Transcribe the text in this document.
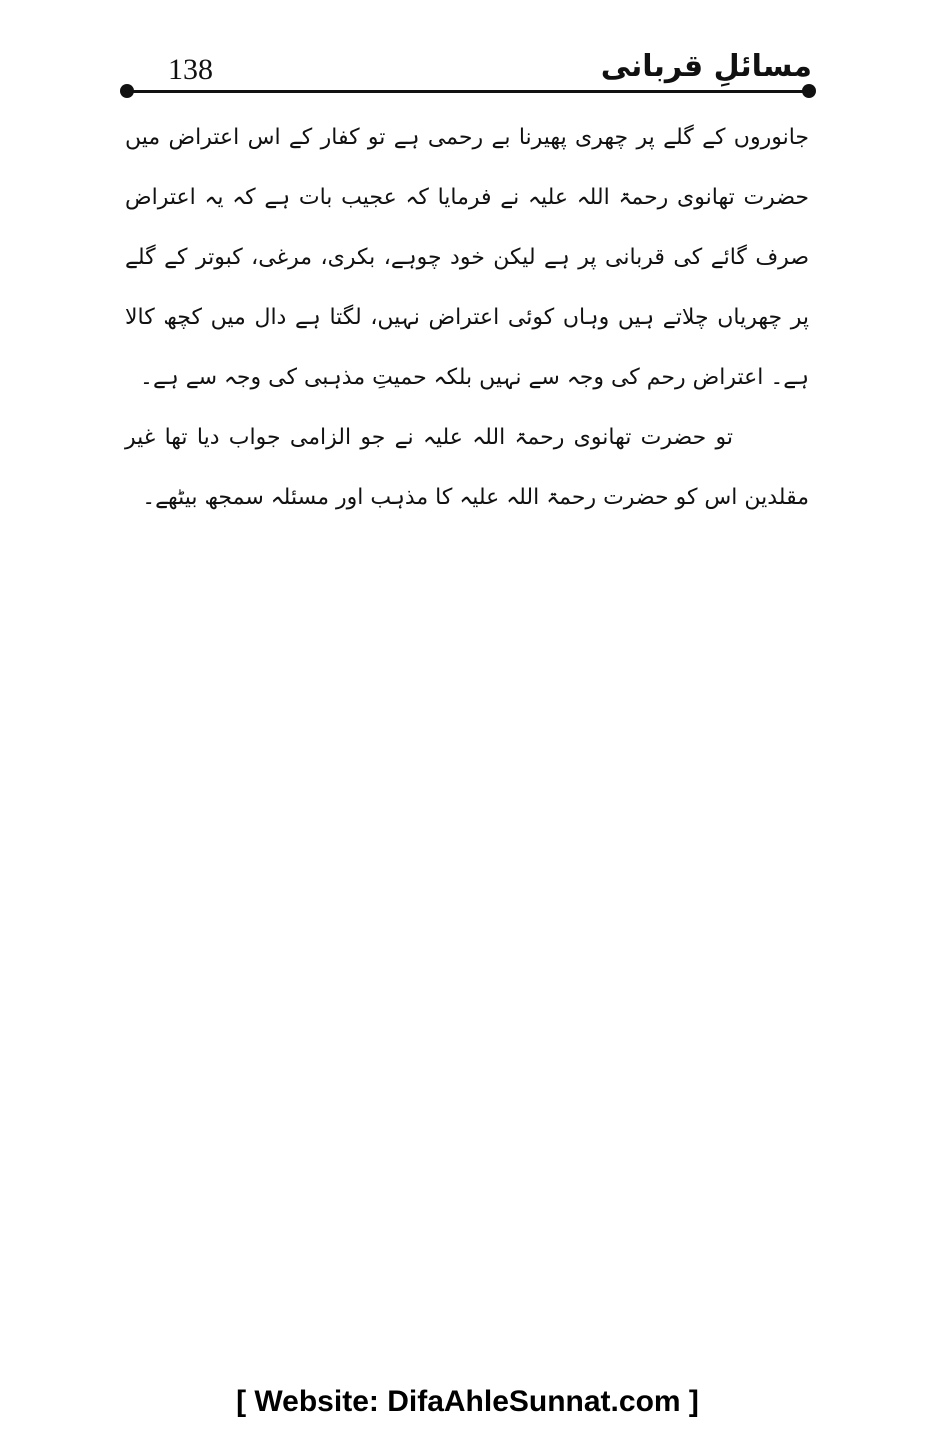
138	مسائلِ قربانی

جانوروں کے گلے پر چھری پھیرنا بے رحمی ہے تو کفار کے اس اعتراض میں حضرت تھانوی رحمۃ اللہ علیہ نے فرمایا کہ عجیب بات ہے کہ یہ اعتراض صرف گائے کی قربانی پر ہے لیکن خود چوہے، بکری، مرغی، کبوتر کے گلے پر چھریاں چلاتے ہیں وہاں کوئی اعتراض نہیں، لگتا ہے دال میں کچھ کالا ہے۔ اعتراض رحم کی وجہ سے نہیں بلکہ حمیتِ مذہبی کی وجہ سے ہے۔

تو حضرت تھانوی رحمۃ اللہ علیہ نے جو الزامی جواب دیا تھا غیر مقلدین اس کو حضرت رحمۃ اللہ علیہ کا مذہب اور مسئلہ سمجھ بیٹھے۔

[ Website: DifaAhleSunnat.com ]
